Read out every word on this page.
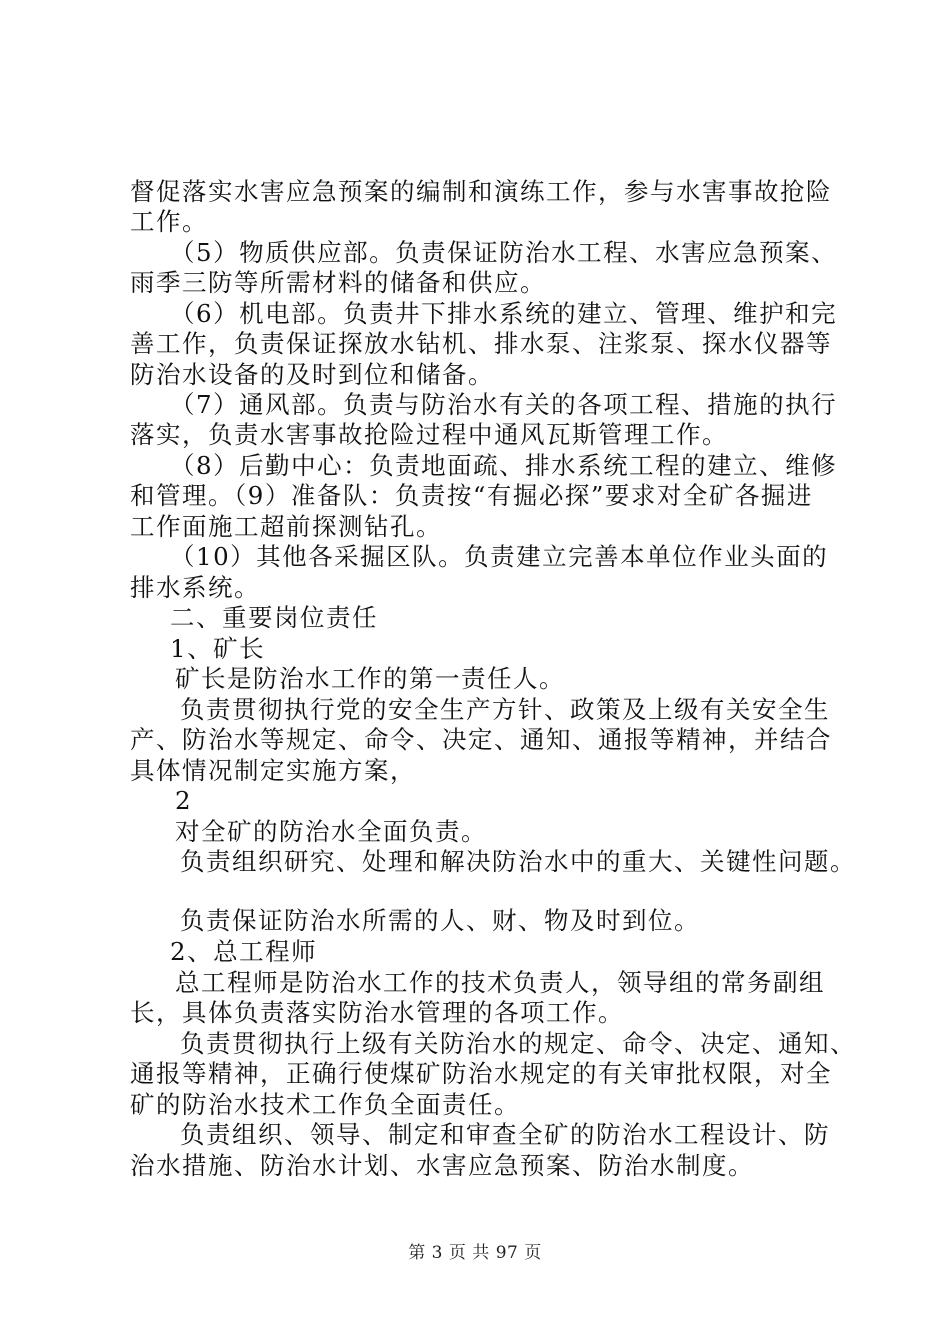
督促落实水害应急预案的编制和演练工作，参与水害事故抢险
工作。
（5）物质供应部。负责保证防治水工程、水害应急预案、
雨季三防等所需材料的储备和供应。
（6）机电部。负责井下排水系统的建立、管理、维护和完
善工作，负责保证探放水钻机、排水泵、注浆泵、探水仪器等
防治水设备的及时到位和储备。
（7）通风部。负责与防治水有关的各项工程、措施的执行
落实，负责水害事故抢险过程中通风瓦斯管理工作。
（8）后勤中心：负责地面疏、排水系统工程的建立、维修
和管理。（9）准备队：负责按“有掘必探”要求对全矿各掘进
工作面施工超前探测钻孔。
（10）其他各采掘区队。负责建立完善本单位作业头面的
排水系统。
二、重要岗位责任
1、矿长
矿长是防治水工作的第一责任人。
负责贯彻执行党的安全生产方针、政策及上级有关安全生
产、防治水等规定、命令、决定、通知、通报等精神，并结合
具体情况制定实施方案，
2
对全矿的防治水全面负责。
负责组织研究、处理和解决防治水中的重大、关键性问题。
负责保证防治水所需的人、财、物及时到位。
2、总工程师
总工程师是防治水工作的技术负责人，领导组的常务副组
长，具体负责落实防治水管理的各项工作。
负责贯彻执行上级有关防治水的规定、命令、决定、通知、
通报等精神，正确行使煤矿防治水规定的有关审批权限，对全
矿的防治水技术工作负全面责任。
负责组织、领导、制定和审查全矿的防治水工程设计、防
治水措施、防治水计划、水害应急预案、防治水制度。
第 3 页 共 97 页
